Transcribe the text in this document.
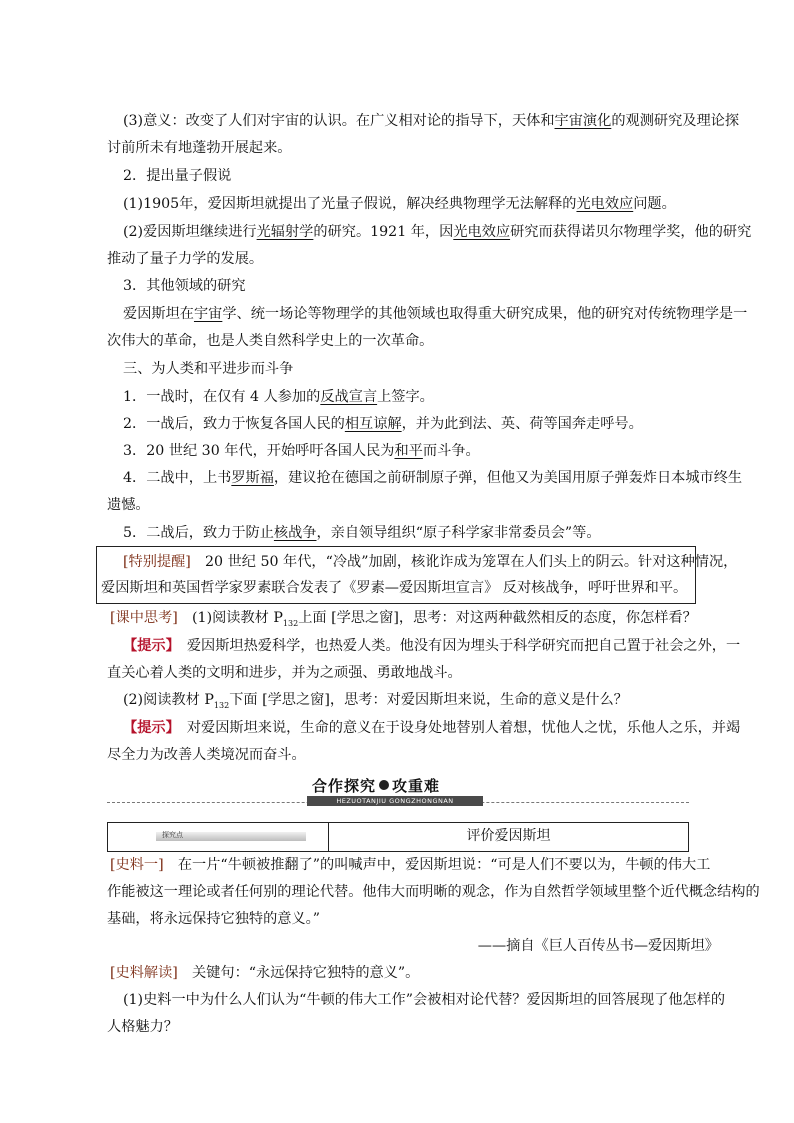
(3)意义：改变了人们对宇宙的认识。在广义相对论的指导下，天体和宇宙演化的观测研究及理论探
讨前所未有地蓬勃开展起来。
2．提出量子假说
(1)1905年，爱因斯坦就提出了光量子假说，解决经典物理学无法解释的光电效应问题。
(2)爱因斯坦继续进行光辐射学的研究。1921 年，因光电效应研究而获得诺贝尔物理学奖，他的研究
推动了量子力学的发展。
3．其他领域的研究
爱因斯坦在宇宙学、统一场论等物理学的其他领域也取得重大研究成果，他的研究对传统物理学是一
次伟大的革命，也是人类自然科学史上的一次革命。
三、为人类和平进步而斗争
1．一战时，在仅有 4 人参加的反战宣言上签字。
2．一战后，致力于恢复各国人民的相互谅解，并为此到法、英、荷等国奔走呼号。
3．20 世纪 30 年代，开始呼吁各国人民为和平而斗争。
4．二战中，上书罗斯福，建议抢在德国之前研制原子弹，但他又为美国用原子弹轰炸日本城市终生
遗憾。
5．二战后，致力于防止核战争，亲自领导组织“原子科学家非常委员会”等。
[特别提醒]　20 世纪 50 年代，“冷战”加剧，核讹诈成为笼罩在人们头上的阴云。针对这种情况，
爱因斯坦和英国哲学家罗素联合发表了《罗素—爱因斯坦宣言》 反对核战争，呼吁世界和平。
[课中思考]　(1)阅读教材 $P_{132}$上面 [学思之窗]，思考：对这两种截然相反的态度，你怎样看？
【提示】　爱因斯坦热爱科学，也热爱人类。他没有因为埋头于科学研究而把自己置于社会之外，一
直关心着人类的文明和进步，并为之顽强、勇敢地战斗。
(2)阅读教材 $P_{132}$下面 [学思之窗]，思考：对爱因斯坦来说，生命的意义是什么？
【提示】　对爱因斯坦来说，生命的意义在于设身处地替别人着想，忧他人之忧，乐他人之乐，并竭
尽全力为改善人类境况而奋斗。
合作探究 攻重难
HEZUOTANJIU GONGZHONGNAN
探究点	评价爱因斯坦
[史料一]　在一片“牛顿被推翻了”的叫喊声中，爱因斯坦说：“可是人们不要以为，牛顿的伟大工
作能被这一理论或者任何别的理论代替。他伟大而明晰的观念，作为自然哲学领域里整个近代概念结构的
基础，将永远保持它独特的意义。”
——摘自《巨人百传丛书—爱因斯坦》
[史料解读]　关键句：“永远保持它独特的意义”。
(1)史料一中为什么人们认为“牛顿的伟大工作”会被相对论代替？爱因斯坦的回答展现了他怎样的
人格魅力？
